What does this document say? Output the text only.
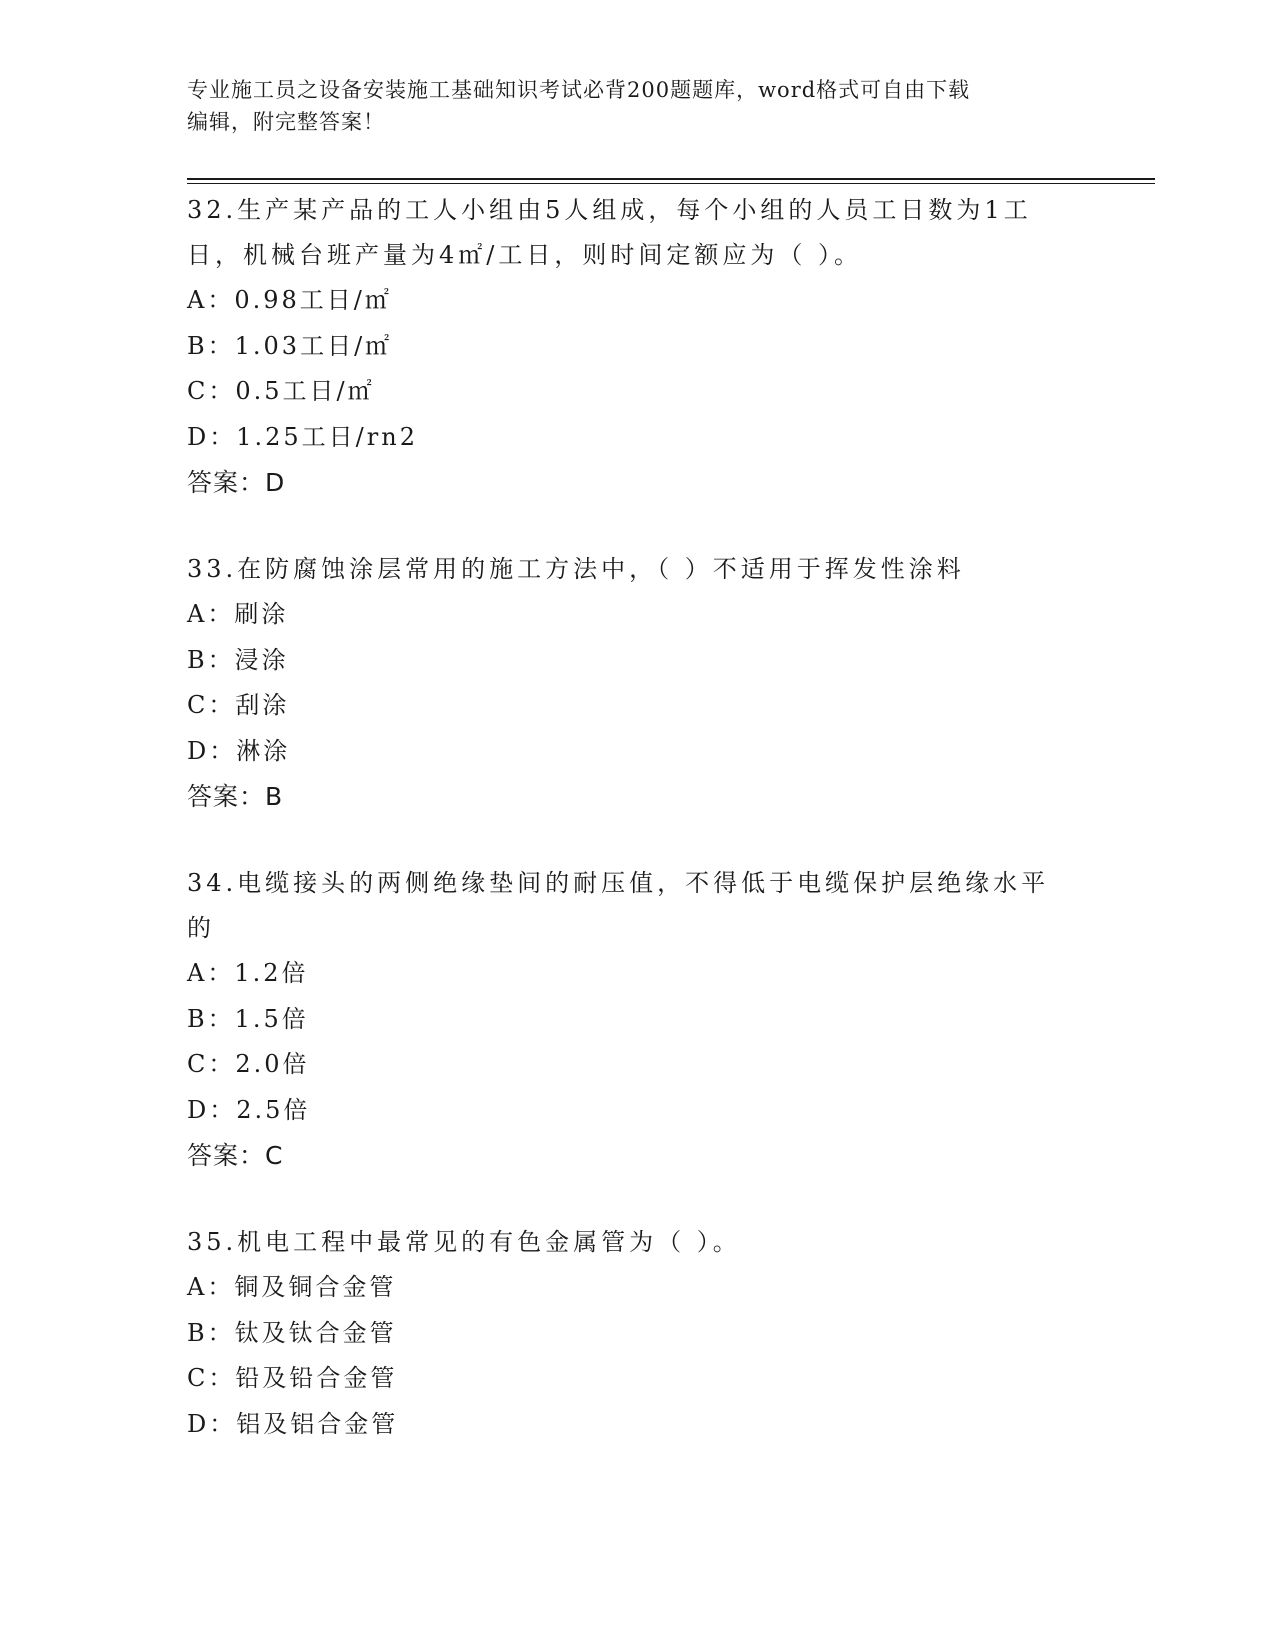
专业施工员之设备安装施工基础知识考试必背200题题库，word格式可自由下载
编辑，附完整答案！

32.生产某产品的工人小组由5人组成，每个小组的人员工日数为1工

日，机械台班产量为4㎡/工日，则时间定额应为（ ）。

A：0.98工日/㎡

B：1.03工日/㎡

C：0.5工日/㎡

D：1.25工日/rn2

答案：D

33.在防腐蚀涂层常用的施工方法中，（ ）不适用于挥发性涂料

A：刷涂

B：浸涂

C：刮涂

D：淋涂

答案：B

34.电缆接头的两侧绝缘垫间的耐压值，不得低于电缆保护层绝缘水平

的

A：1.2倍

B：1.5倍

C：2.0倍

D：2.5倍

答案：C

35.机电工程中最常见的有色金属管为（ ）。

A：铜及铜合金管

B：钛及钛合金管

C：铅及铅合金管

D：铝及铝合金管
